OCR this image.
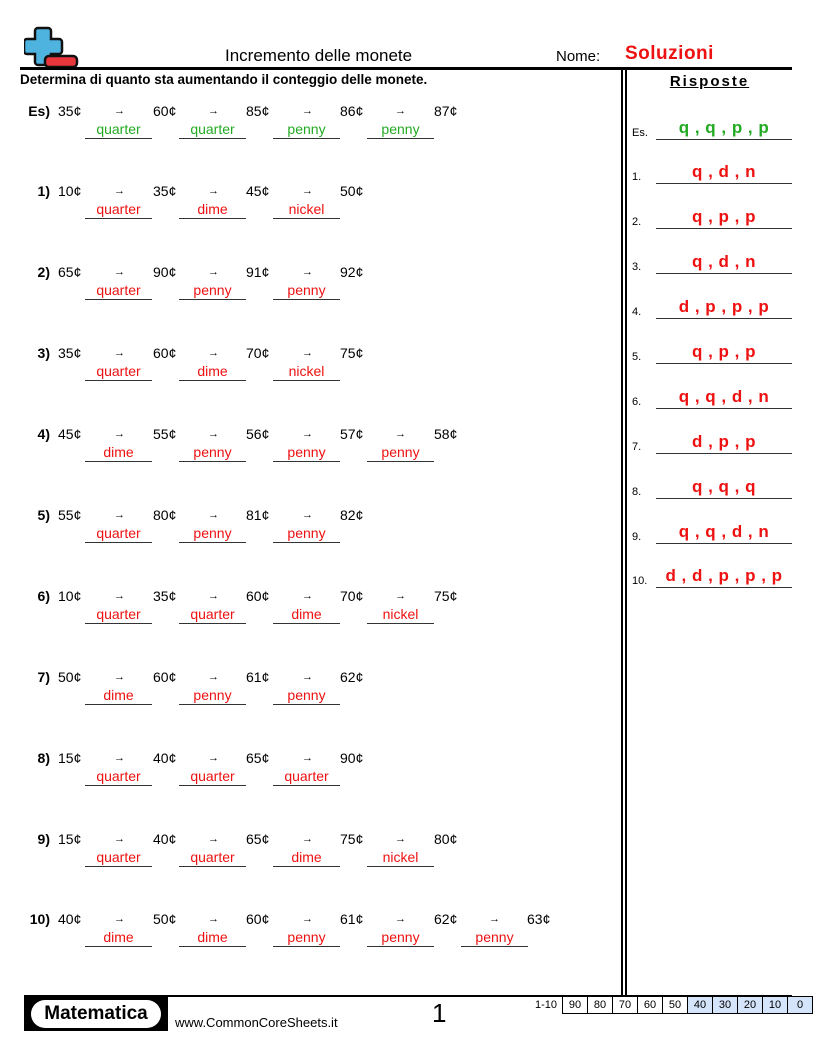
Incremento delle monete	Nome: Soluzioni
Determina di quanto sta aumentando il conteggio delle monete.	Risposte
Es) 35¢	→ 60¢	→ 85¢	→ 86¢	→ 87¢
quarter	quarter	penny	penny
1) 10¢	→ 35¢	→ 45¢	→ 50¢
quarter	dime	nickel
2) 65¢	→ 90¢	→ 91¢	→ 92¢
quarter	penny	penny
3) 35¢	→ 60¢	→ 70¢	→ 75¢
quarter	dime	nickel
4) 45¢	→ 55¢	→ 56¢	→ 57¢	→ 58¢
dime	penny	penny	penny
5) 55¢	→ 80¢	→ 81¢	→ 82¢
quarter	penny	penny
6) 10¢	→ 35¢	→ 60¢	→ 70¢	→ 75¢
quarter	quarter	dime	nickel
7) 50¢	→ 60¢	→ 61¢	→ 62¢
dime	penny	penny
8) 15¢	→ 40¢	→ 65¢	→ 90¢
quarter	quarter	quarter
9) 15¢	→ 40¢	→ 65¢	→ 75¢	→ 80¢
quarter	quarter	dime	nickel
10) 40¢	→ 50¢	→ 60¢	→ 61¢	→ 62¢	→ 63¢
dime	dime	penny	penny	penny
Es.	q , q , p , p
1.	q , d , n
2.	q , p , p
3.	q , d , n
4.	d , p , p , p
5.	q , p , p
6.	q , q , d , n
7.	d , p , p
8.	q , q , q
9.	q , q , d , n
10.	d , d , p , p , p
Matematica	www.CommonCoreSheets.it	1	1-10	90	80	70	60	50	40	30	20	10	0
